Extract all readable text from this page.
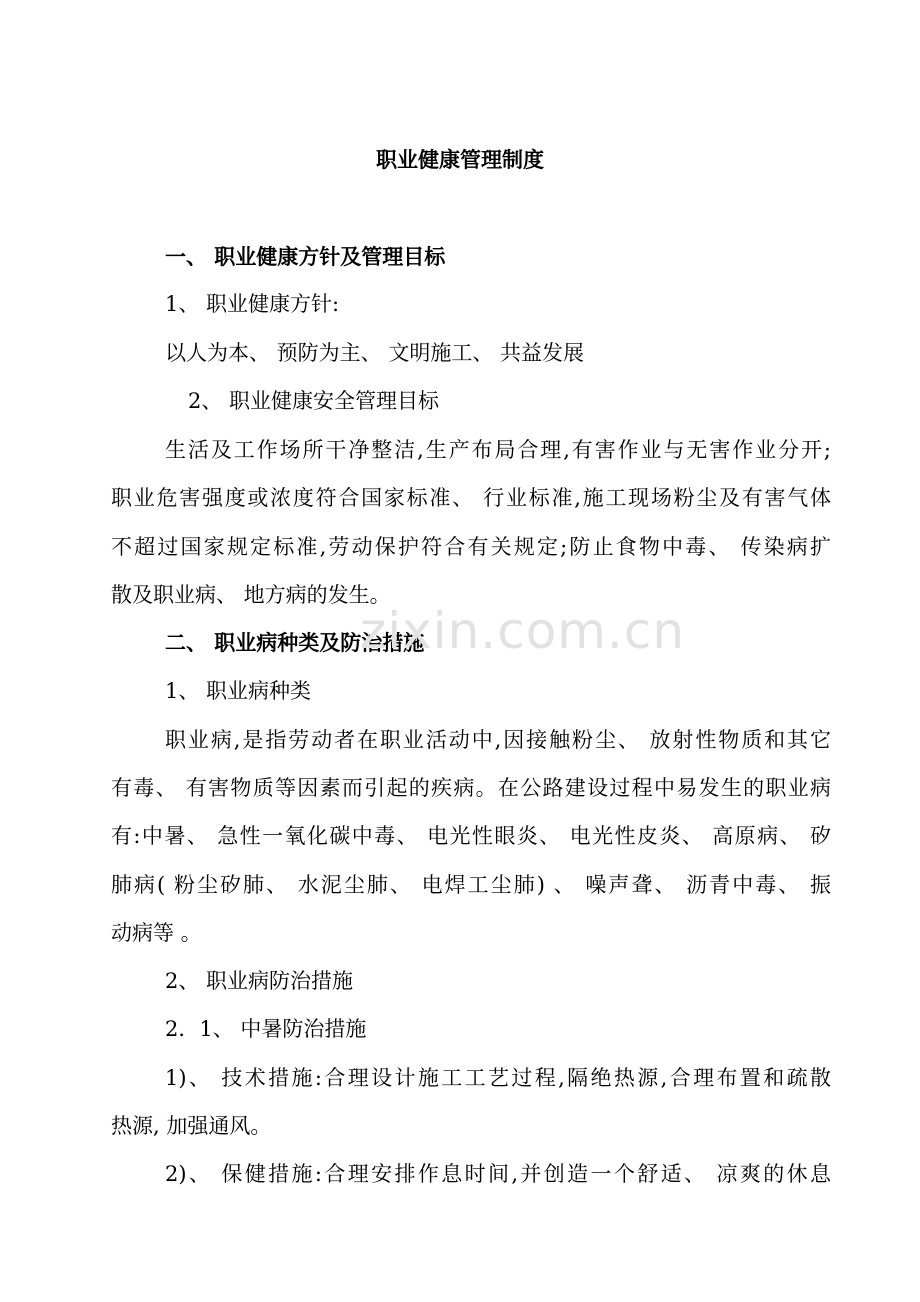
职业健康管理制度
一、 职业健康方针及管理目标
1、 职业健康方针:
以人为本、 预防为主、 文明施工、 共益发展
2、 职业健康安全管理目标
生活及工作场所干净整洁,生产布局合理,有害作业与无害作业分开;
职业危害强度或浓度符合国家标准、 行业标准,施工现场粉尘及有害气体
不超过国家规定标准,劳动保护符合有关规定;防止食物中毒、 传染病扩
散及职业病、 地方病的发生。
二、 职业病种类及防治措施
1、 职业病种类
职业病,是指劳动者在职业活动中,因接触粉尘、 放射性物质和其它
有毒、 有害物质等因素而引起的疾病。在公路建设过程中易发生的职业病
有:中暑、 急性一氧化碳中毒、 电光性眼炎、 电光性皮炎、 高原病、 矽
肺病( 粉尘矽肺、 水泥尘肺、 电焊工尘肺) 、 噪声聋、 沥青中毒、 振
动病等 。
2、 职业病防治措施
2．1、 中暑防治措施
1)、 技术措施:合理设计施工工艺过程,隔绝热源,合理布置和疏散
热源, 加强通风。
2)、 保健措施:合理安排作息时间,并创造一个舒适、 凉爽的休息
zixin.com.cn
